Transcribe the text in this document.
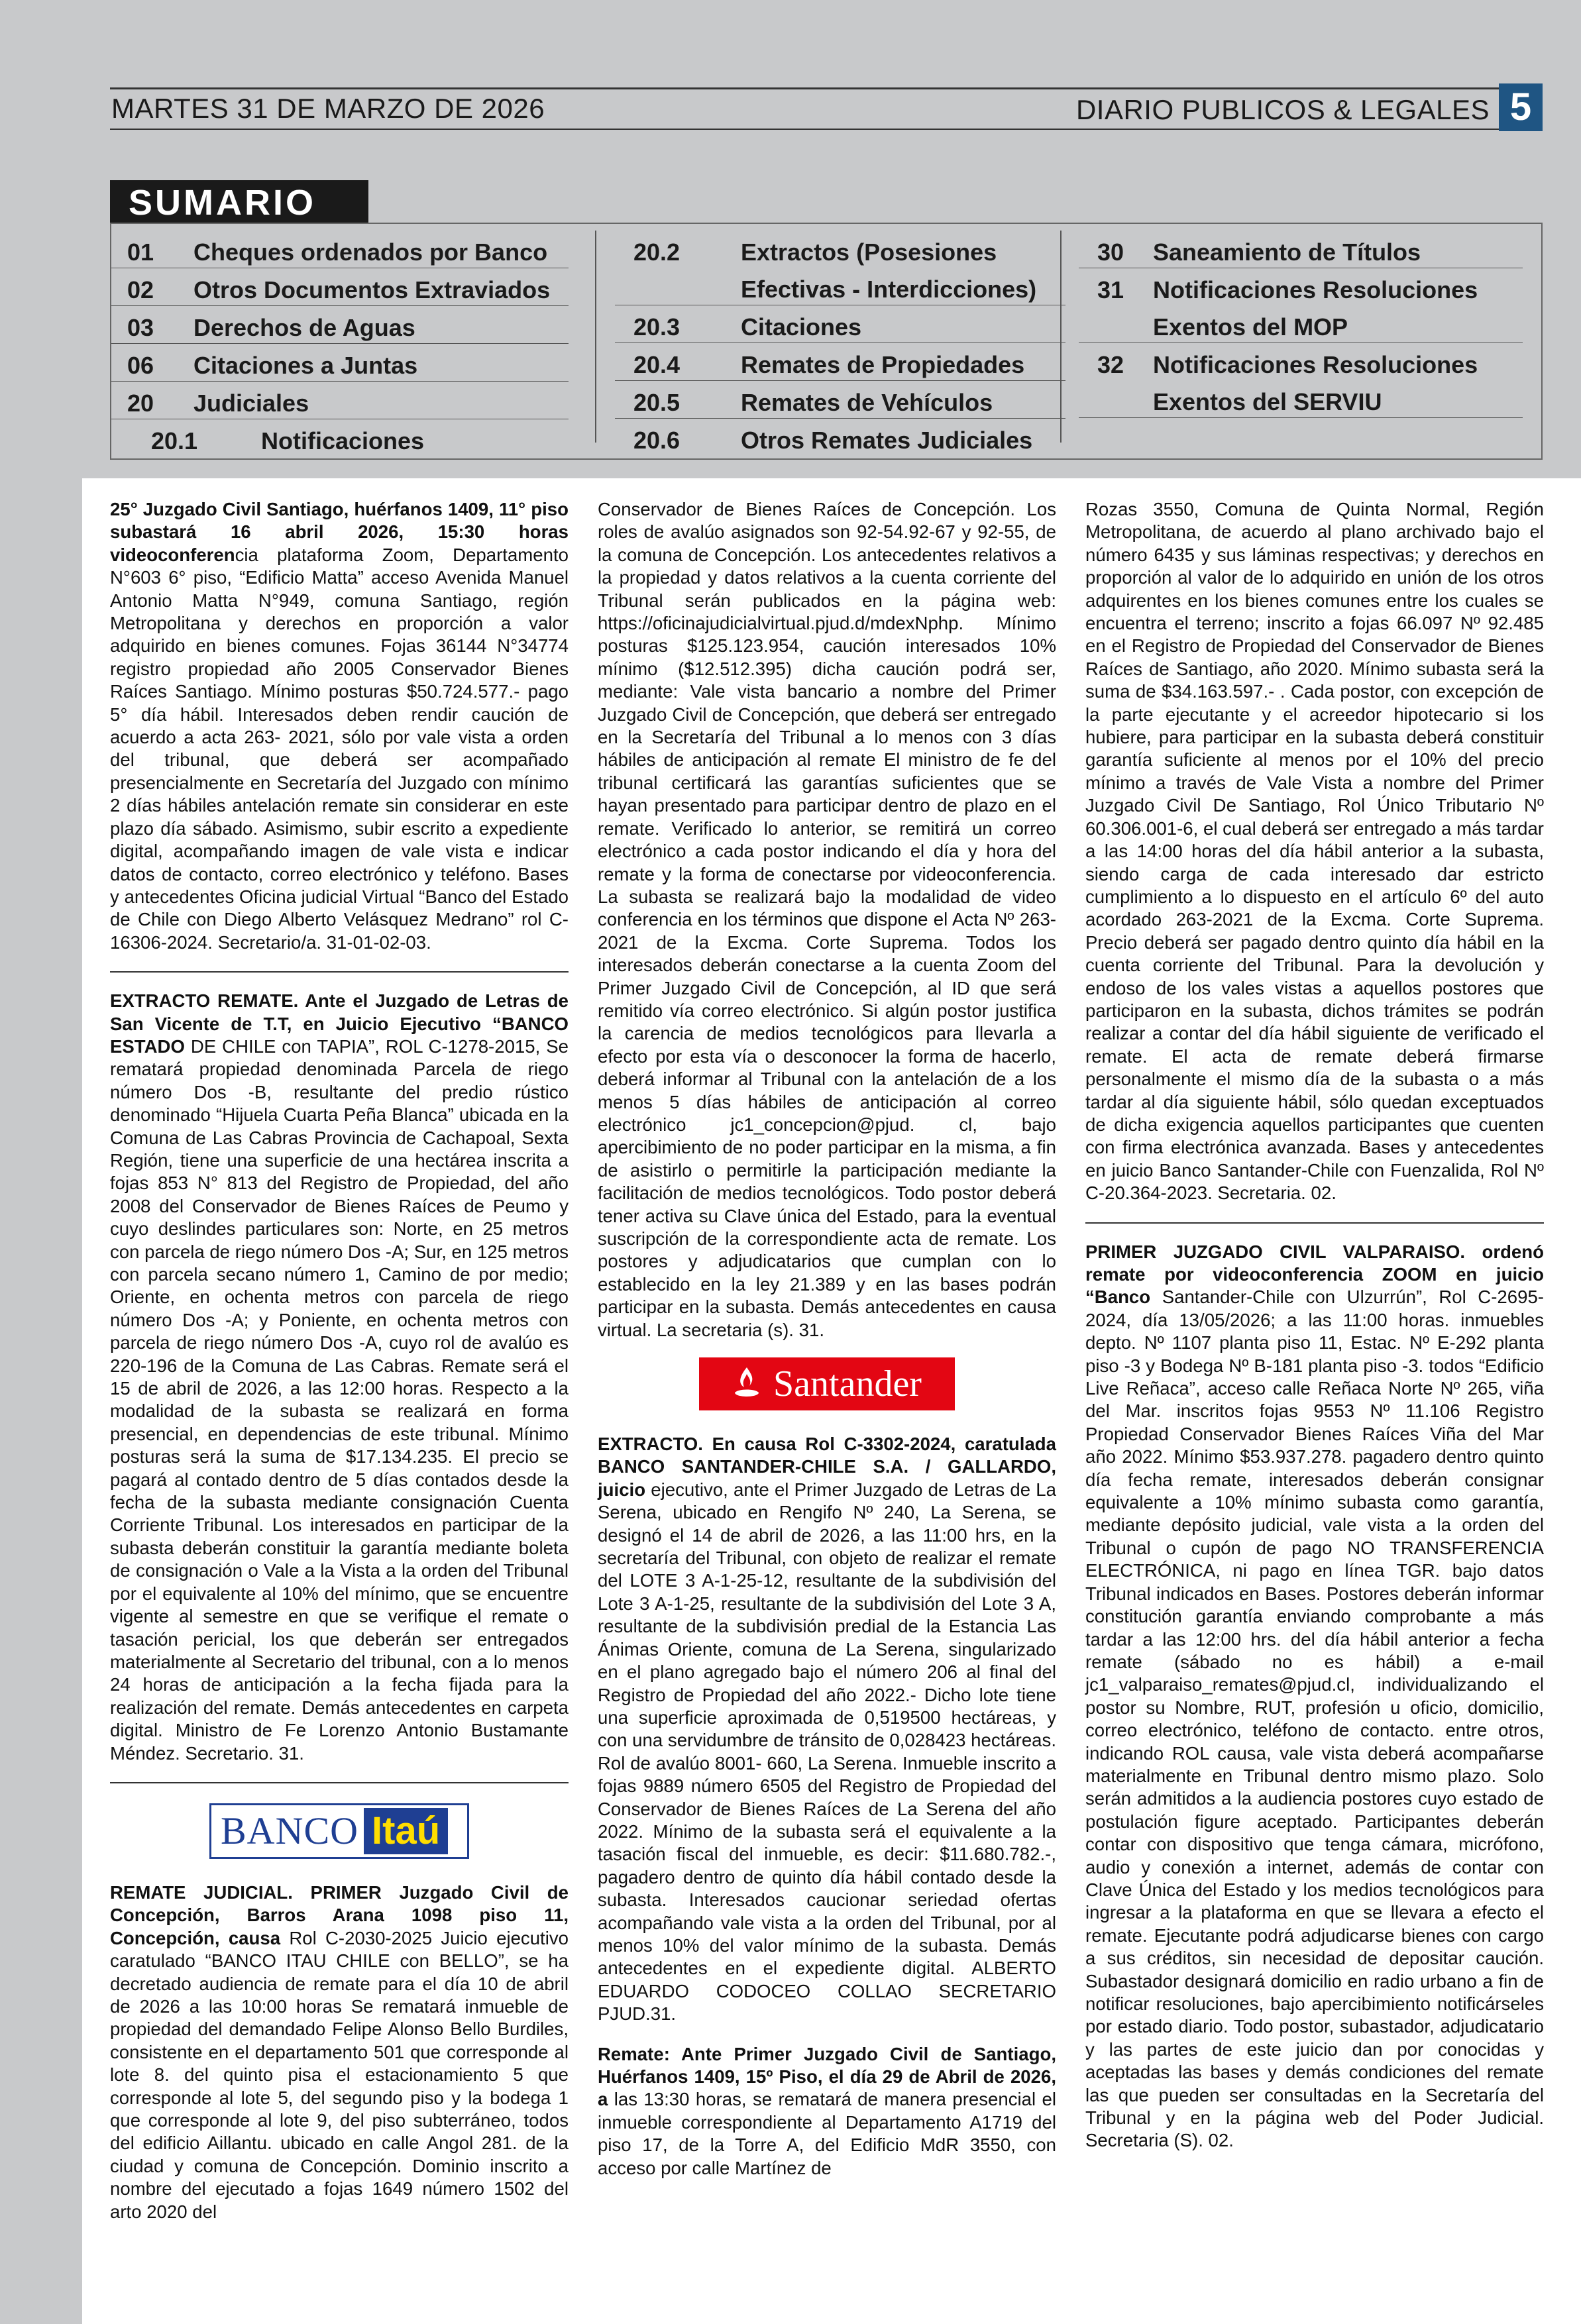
MARTES 31 DE MARZO DE 2026	DIARIO PUBLICOS & LEGALES 5
SUMARIO
01 Cheques ordenados por Banco
02 Otros Documentos Extraviados
03 Derechos de Aguas
06 Citaciones a Juntas
20 Judiciales
20.1	Notificaciones
20.2	Extractos (Posesiones
Efectivas - Interdicciones)
20.3	Citaciones
20.4	Remates de Propiedades
20.5	Remates de Vehículos
20.6	Otros Remates Judiciales
30 Saneamiento de Títulos
31 Notificaciones Resoluciones
Exentos del MOP
32 Notificaciones Resoluciones
Exentos del SERVIU

25° Juzgado Civil Santiago, huérfanos 1409, 11° piso subastará 16 abril 2026, 15:30 horas videoconferencia plataforma Zoom, Departamento N°603 6° piso, “Edificio Matta” acceso Avenida Manuel Antonio Matta N°949, comuna Santiago, región Metropolitana y derechos en proporción a valor adquirido en bienes comunes. Fojas 36144 N°34774 registro propiedad año 2005 Conservador Bienes Raíces Santiago. Mínimo posturas $50.724.577.- pago 5° día hábil. Interesados deben rendir caución de acuerdo a acta 263- 2021, sólo por vale vista a orden del tribunal, que deberá ser acompañado presencialmente en Secretaría del Juzgado con mínimo 2 días hábiles antelación remate sin considerar en este plazo día sábado. Asimismo, subir escrito a expediente digital, acompañando imagen de vale vista e indicar datos de contacto, correo electrónico y teléfono. Bases y antecedentes Oficina judicial Virtual “Banco del Estado de Chile con Diego Alberto Velásquez Medrano” rol C-16306-2024. Secretario/a. 31-01-02-03.

EXTRACTO REMATE. Ante el Juzgado de Letras de San Vicente de T.T, en Juicio Ejecutivo “BANCO ESTADO DE CHILE con TAPIA”, ROL C-1278-2015, Se rematará propiedad denominada Parcela de riego número Dos -B, resultante del predio rústico denominado “Hijuela Cuarta Peña Blanca” ubicada en la Comuna de Las Cabras Provincia de Cachapoal, Sexta Región, tiene una superficie de una hectárea inscrita a fojas 853 N° 813 del Registro de Propiedad, del año 2008 del Conservador de Bienes Raíces de Peumo y cuyo deslindes particulares son: Norte, en 25 metros con parcela de riego número Dos -A; Sur, en 125 metros con parcela secano número 1, Camino de por medio; Oriente, en ochenta metros con parcela de riego número Dos -A; y Poniente, en ochenta metros con parcela de riego número Dos -A, cuyo rol de avalúo es 220-196 de la Comuna de Las Cabras. Remate será el 15 de abril de 2026, a las 12:00 horas. Respecto a la modalidad de la subasta se realizará en forma presencial, en dependencias de este tribunal. Mínimo posturas será la suma de $17.134.235. El precio se pagará al contado dentro de 5 días contados desde la fecha de la subasta mediante consignación Cuenta Corriente Tribunal. Los interesados en participar de la subasta deberán constituir la garantía mediante boleta de consignación o Vale a la Vista a la orden del Tribunal por el equivalente al 10% del mínimo, que se encuentre vigente al semestre en que se verifique el remate o tasación pericial, los que deberán ser entregados materialmente al Secretario del tribunal, con a lo menos 24 horas de anticipación a la fecha fijada para la realización del remate. Demás antecedentes en carpeta digital. Ministro de Fe Lorenzo Antonio Bustamante Méndez. Secretario. 31.

BANCO Itaú

REMATE JUDICIAL. PRIMER Juzgado Civil de Concepción, Barros Arana 1098 piso 11, Concepción, causa Rol C-2030-2025 Juicio ejecutivo caratulado “BANCO ITAU CHILE con BELLO”, se ha decretado audiencia de remate para el día 10 de abril de 2026 a las 10:00 horas Se rematará inmueble de propiedad del demandado Felipe Alonso Bello Burdiles, consistente en el departamento 501 que corresponde al lote 8. del quinto pisa el estacionamiento 5 que corresponde al lote 5, del segundo piso y la bodega 1 que corresponde al lote 9, del piso subterráneo, todos del edificio Aillantu. ubicado en calle Angol 281. de la ciudad y comuna de Concepción. Dominio inscrito a nombre del ejecutado a fojas 1649 número 1502 del arto 2020 del

Conservador de Bienes Raíces de Concepción. Los roles de avalúo asignados son 92-54.92-67 y 92-55, de la comuna de Concepción. Los antecedentes relativos a la propiedad y datos relativos a la cuenta corriente del Tribunal serán publicados en la página web: https://oficinajudicialvirtual.pjud.d/mdexNphp. Mínimo posturas $125.123.954, caución interesados 10% mínimo ($12.512.395) dicha caución podrá ser, mediante: Vale vista bancario a nombre del Primer Juzgado Civil de Concepción, que deberá ser entregado en la Secretaría del Tribunal a lo menos con 3 días hábiles de anticipación al remate El ministro de fe del tribunal certificará las garantías suficientes que se hayan presentado para participar dentro de plazo en el remate. Verificado lo anterior, se remitirá un correo electrónico a cada postor indicando el día y hora del remate y la forma de conectarse por videoconferencia. La subasta se realizará bajo la modalidad de video conferencia en los términos que dispone el Acta Nº 263-2021 de la Excma. Corte Suprema. Todos los interesados deberán conectarse a la cuenta Zoom del Primer Juzgado Civil de Concepción, al ID que será remitido vía correo electrónico. Si algún postor justifica la carencia de medios tecnológicos para llevarla a efecto por esta vía o desconocer la forma de hacerlo, deberá informar al Tribunal con la antelación de a los menos 5 días hábiles de anticipación al correo electrónico jc1_concepcion@pjud. cl, bajo apercibimiento de no poder participar en la misma, a fin de asistirlo o permitirle la participación mediante la facilitación de medios tecnológicos. Todo postor deberá tener activa su Clave única del Estado, para la eventual suscripción de la correspondiente acta de remate. Los postores y adjudicatarios que cumplan con lo establecido en la ley 21.389 y en las bases podrán participar en la subasta. Demás antecedentes en causa virtual. La secretaria (s). 31.

Santander

EXTRACTO. En causa Rol C-3302-2024, caratulada BANCO SANTANDER-CHILE S.A. / GALLARDO, juicio ejecutivo, ante el Primer Juzgado de Letras de La Serena, ubicado en Rengifo Nº 240, La Serena, se designó el 14 de abril de 2026, a las 11:00 hrs, en la secretaría del Tribunal, con objeto de realizar el remate del LOTE 3 A-1-25-12, resultante de la subdivisión del Lote 3 A-1-25, resultante de la subdivisión del Lote 3 A, resultante de la subdivisión predial de la Estancia Las Ánimas Oriente, comuna de La Serena, singularizado en el plano agregado bajo el número 206 al final del Registro de Propiedad del año 2022.- Dicho lote tiene una superficie aproximada de 0,519500 hectáreas, y con una servidumbre de tránsito de 0,028423 hectáreas. Rol de avalúo 8001- 660, La Serena. Inmueble inscrito a fojas 9889 número 6505 del Registro de Propiedad del Conservador de Bienes Raíces de La Serena del año 2022. Mínimo de la subasta será el equivalente a la tasación fiscal del inmueble, es decir: $11.680.782.-, pagadero dentro de quinto día hábil contado desde la subasta. Interesados caucionar seriedad ofertas acompañando vale vista a la orden del Tribunal, por al menos 10% del valor mínimo de la subasta. Demás antecedentes en el expediente digital. ALBERTO EDUARDO CODOCEO COLLAO SECRETARIO PJUD.31.

Remate: Ante Primer Juzgado Civil de Santiago, Huérfanos 1409, 15º Piso, el día 29 de Abril de 2026, a las 13:30 horas, se rematará de manera presencial el inmueble correspondiente al Departamento A1719 del piso 17, de la Torre A, del Edificio MdR 3550, con acceso por calle Martínez de

Rozas 3550, Comuna de Quinta Normal, Región Metropolitana, de acuerdo al plano archivado bajo el número 6435 y sus láminas respectivas; y derechos en proporción al valor de lo adquirido en unión de los otros adquirentes en los bienes comunes entre los cuales se encuentra el terreno; inscrito a fojas 66.097 Nº 92.485 en el Registro de Propiedad del Conservador de Bienes Raíces de Santiago, año 2020. Mínimo subasta será la suma de $34.163.597.- . Cada postor, con excepción de la parte ejecutante y el acreedor hipotecario si los hubiere, para participar en la subasta deberá constituir garantía suficiente al menos por el 10% del precio mínimo a través de Vale Vista a nombre del Primer Juzgado Civil De Santiago, Rol Único Tributario Nº 60.306.001-6, el cual deberá ser entregado a más tardar a las 14:00 horas del día hábil anterior a la subasta, siendo carga de cada interesado dar estricto cumplimiento a lo dispuesto en el artículo 6º del auto acordado 263-2021 de la Excma. Corte Suprema. Precio deberá ser pagado dentro quinto día hábil en la cuenta corriente del Tribunal. Para la devolución y endoso de los vales vistas a aquellos postores que participaron en la subasta, dichos trámites se podrán realizar a contar del día hábil siguiente de verificado el remate. El acta de remate deberá firmarse personalmente el mismo día de la subasta o a más tardar al día siguiente hábil, sólo quedan exceptuados de dicha exigencia aquellos participantes que cuenten con firma electrónica avanzada. Bases y antecedentes en juicio Banco Santander-Chile con Fuenzalida, Rol Nº C-20.364-2023. Secretaria. 02.

PRIMER JUZGADO CIVIL VALPARAISO. ordenó remate por videoconferencia ZOOM en juicio “Banco Santander-Chile con Ulzurrún”, Rol C-2695-2024, día 13/05/2026; a las 11:00 horas. inmuebles depto. Nº 1107 planta piso 11, Estac. Nº E-292 planta piso -3 y Bodega Nº B-181 planta piso -3. todos “Edificio Live Reñaca”, acceso calle Reñaca Norte Nº 265, viña del Mar. inscritos fojas 9553 Nº 11.106 Registro Propiedad Conservador Bienes Raíces Viña del Mar año 2022. Mínimo $53.937.278. pagadero dentro quinto día fecha remate, interesados deberán consignar equivalente a 10% mínimo subasta como garantía, mediante depósito judicial, vale vista a la orden del Tribunal o cupón de pago NO TRANSFERENCIA ELECTRÓNICA, ni pago en línea TGR. bajo datos Tribunal indicados en Bases. Postores deberán informar constitución garantía enviando comprobante a más tardar a las 12:00 hrs. del día hábil anterior a fecha remate (sábado no es hábil) a e-mail jc1_valparaiso_remates@pjud.cl, individualizando el postor su Nombre, RUT, profesión u oficio, domicilio, correo electrónico, teléfono de contacto. entre otros, indicando ROL causa, vale vista deberá acompañarse materialmente en Tribunal dentro mismo plazo. Solo serán admitidos a la audiencia postores cuyo estado de postulación figure aceptado. Participantes deberán contar con dispositivo que tenga cámara, micrófono, audio y conexión a internet, además de contar con Clave Única del Estado y los medios tecnológicos para ingresar a la plataforma en que se llevara a efecto el remate. Ejecutante podrá adjudicarse bienes con cargo a sus créditos, sin necesidad de depositar caución. Subastador designará domicilio en radio urbano a fin de notificar resoluciones, bajo apercibimiento notificárseles por estado diario. Todo postor, subastador, adjudicatario y las partes de este juicio dan por conocidas y aceptadas las bases y demás condiciones del remate las que pueden ser consultadas en la Secretaría del Tribunal y en la página web del Poder Judicial. Secretaria (S). 02.
